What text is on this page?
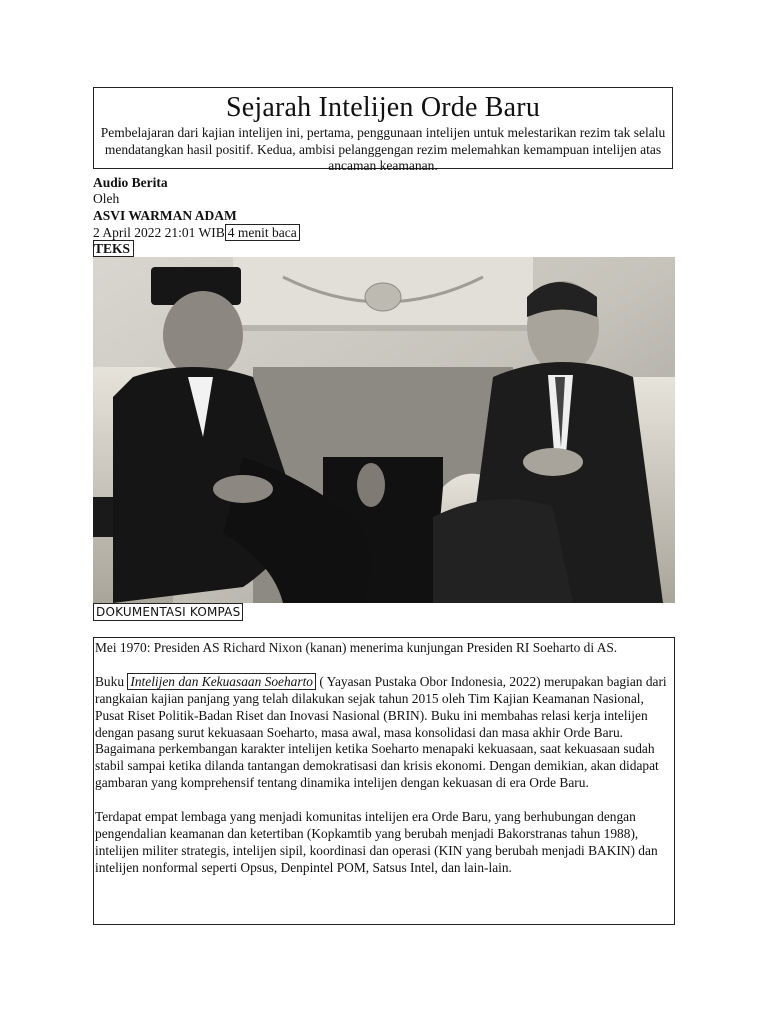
Sejarah Intelijen Orde Baru
Pembelajaran dari kajian intelijen ini, pertama, penggunaan intelijen untuk melestarikan rezim tak selalu mendatangkan hasil positif. Kedua, ambisi pelanggengan rezim melemahkan kemampuan intelijen atas ancaman keamanan.
Audio Berita
Oleh
ASVI WARMAN ADAM
2 April 2022 21:01 WIB 4 menit baca
TEKS
DOKUMENTASI KOMPAS

Mei 1970: Presiden AS Richard Nixon (kanan) menerima kunjungan Presiden RI Soeharto di AS.

Buku Intelijen dan Kekuasaan Soeharto ( Yayasan Pustaka Obor Indonesia, 2022) merupakan bagian dari rangkaian kajian panjang yang telah dilakukan sejak tahun 2015 oleh Tim Kajian Keamanan Nasional, Pusat Riset Politik-Badan Riset dan Inovasi Nasional (BRIN). Buku ini membahas relasi kerja intelijen dengan pasang surut kekuasaan Soeharto, masa awal, masa konsolidasi dan masa akhir Orde Baru. Bagaimana perkembangan karakter intelijen ketika Soeharto menapaki kekuasaan, saat kekuasaan sudah stabil sampai ketika dilanda tantangan demokratisasi dan krisis ekonomi. Dengan demikian, akan didapat gambaran yang komprehensif tentang dinamika intelijen dengan kekuasan di era Orde Baru.

Terdapat empat lembaga yang menjadi komunitas intelijen era Orde Baru, yang berhubungan dengan pengendalian keamanan dan ketertiban (Kopkamtib yang berubah menjadi Bakorstranas tahun 1988), intelijen militer strategis, intelijen sipil, koordinasi dan operasi (KIN yang berubah menjadi BAKIN) dan intelijen nonformal seperti Opsus, Denpintel POM, Satsus Intel, dan lain-lain.
